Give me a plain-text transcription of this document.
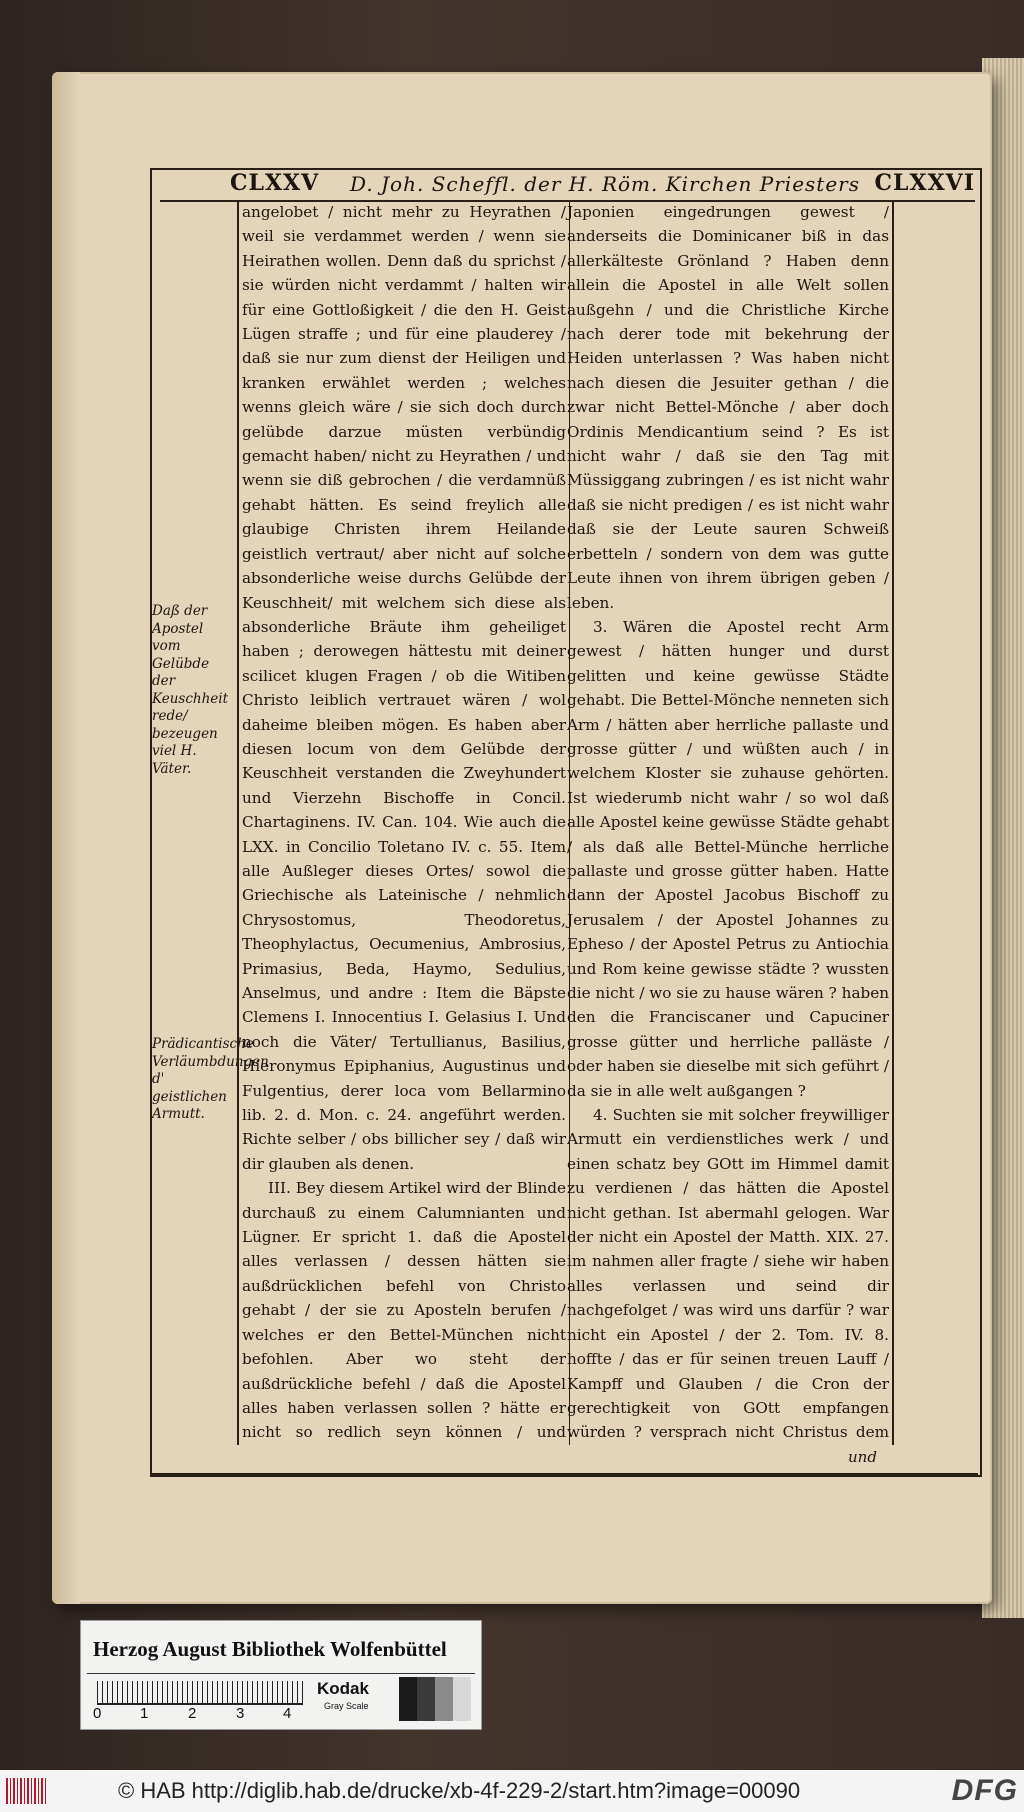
CLXXV D. Joh. Scheffl. der H. Röm. Kirchen Priesters CLXXVI
Daß der Apostel vom Gelübde der Keuschheit rede/ bezeugen viel H. Väter.
Prädicantische Verläumbdungen d' geistlichen Armutt.

angelobet / nicht mehr zu Heyrathen / weil sie verdammet werden / wenn sie Heirathen wollen. Denn daß du sprichst / sie würden nicht verdammt / halten wir für eine Gottloßigkeit / die den H. Geist Lügen straffe ; und für eine plauderey / daß sie nur zum dienst der Heiligen und kranken erwählet werden ; welches wenns gleich wäre / sie sich doch durch gelübde darzue müsten verbündig gemacht haben/ nicht zu Heyrathen / und wenn sie diß gebrochen / die verdamnüß gehabt hätten. Es seind freylich alle glaubige Christen ihrem Heilande geistlich vertraut/ aber nicht auf solche absonderliche weise durchs Gelübde der Keuschheit/ mit welchem sich diese als absonderliche Bräute ihm geheiliget haben ; derowegen hättestu mit deiner scilicet klugen Fragen / ob die Witiben Christo leiblich vertrauet wären / wol daheime bleiben mögen. Es haben aber diesen locum von dem Gelübde der Keuschheit verstanden die Zweyhundert und Vierzehn Bischoffe in Concil. Chartaginens. IV. Can. 104. Wie auch die LXX. in Concilio Toletano IV. c. 55. Item alle Außleger dieses Ortes/ sowol die Griechische als Lateinische / nehmlich Chrysostomus, Theodoretus, Theophylactus, Oecumenius, Ambrosius, Primasius, Beda, Haymo, Sedulius, Anselmus, und andre : Item die Bäpste Clemens I. Innocentius I. Gelasius I. Und noch die Väter/ Tertullianus, Basilius, Hieronymus Epiphanius, Augustinus und Fulgentius, derer loca vom Bellarmino lib. 2. d. Mon. c. 24. angeführt werden. Richte selber / obs billicher sey / daß wir dir glauben als denen.

III. Bey diesem Artikel wird der Blinde durchauß zu einem Calumnianten und Lügner. Er spricht 1. daß die Apostel alles verlassen / dessen hätten sie außdrücklichen befehl von Christo gehabt / der sie zu Aposteln berufen / welches er den Bettel-München nicht befohlen. Aber wo steht der außdrückliche befehl / daß die Apostel alles haben verlassen sollen ? hätte er nicht so redlich seyn können / und

Japonien eingedrungen gewest / anderseits die Dominicaner biß in das allerkälteste Grönland ? Haben denn allein die Apostel in alle Welt sollen außgehn / und die Christliche Kirche nach derer tode mit bekehrung der Heiden unterlassen ? Was haben nicht nach diesen die Jesuiter gethan / die zwar nicht Bettel-Mönche / aber doch Ordinis Mendicantium seind ? Es ist nicht wahr / daß sie den Tag mit Müssiggang zubringen / es ist nicht wahr daß sie nicht predigen / es ist nicht wahr daß sie der Leute sauren Schweiß erbetteln / sondern von dem was gutte Leute ihnen von ihrem übrigen geben / leben.

3. Wären die Apostel recht Arm gewest / hätten hunger und durst gelitten und keine gewüsse Städte gehabt. Die Bettel-Mönche nenneten sich Arm / hätten aber herrliche pallaste und grosse gütter / und wüßten auch / in welchem Kloster sie zuhause gehörten. Ist wiederumb nicht wahr / so wol daß alle Apostel keine gewüsse Städte gehabt / als daß alle Bettel-Münche herrliche pallaste und grosse gütter haben. Hatte dann der Apostel Jacobus Bischoff zu Jerusalem / der Apostel Johannes zu Epheso / der Apostel Petrus zu Antiochia und Rom keine gewisse städte ? wussten die nicht / wo sie zu hause wären ? haben den die Franciscaner und Capuciner grosse gütter und herrliche palläste / oder haben sie dieselbe mit sich geführt / da sie in alle welt außgangen ?

4. Suchten sie mit solcher freywilliger Armutt ein verdienstliches werk / und einen schatz bey GOtt im Himmel damit zu verdienen / das hätten die Apostel nicht gethan. Ist abermahl gelogen. War der nicht ein Apostel der Matth. XIX. 27. im nahmen aller fragte / siehe wir haben alles verlassen und seind dir nachgefolget / was wird uns darfür ? war nicht ein Apostel / der 2. Tom. IV. 8. hoffte / das er für seinen treuen Lauff / Kampff und Glauben / die Cron der gerechtigkeit von GOtt empfangen würden ? versprach nicht Christus dem

und
Herzog August Bibliothek Wolfenbüttel
0	1	2	3	4
Kodak
Gray Scale
© HAB http://diglib.hab.de/drucke/xb-4f-229-2/start.htm?image=00090	DFG
